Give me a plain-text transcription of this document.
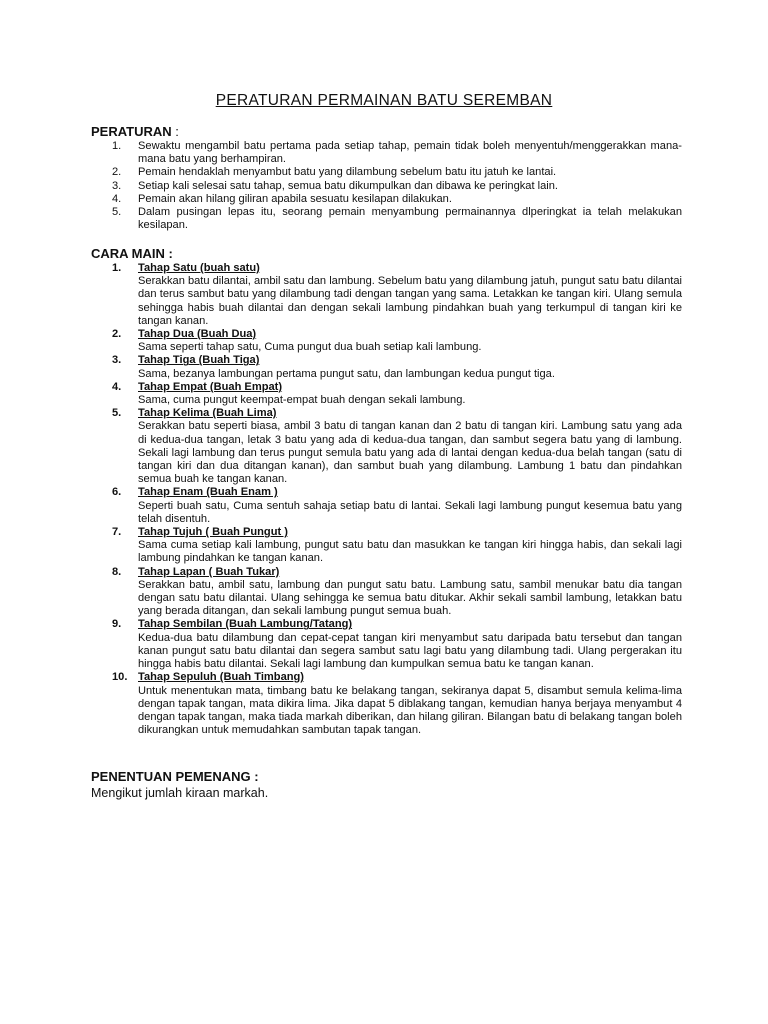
PERATURAN PERMAINAN BATU SEREMBAN
PERATURAN :
1.	Sewaktu mengambil batu pertama pada setiap tahap, pemain tidak boleh menyentuh/menggerakkan mana-mana batu yang berhampiran.
2.	Pemain hendaklah menyambut batu yang dilambung sebelum batu itu jatuh ke lantai.
3.	Setiap kali selesai satu tahap, semua batu dikumpulkan dan dibawa ke peringkat lain.
4.	Pemain akan hilang giliran apabila sesuatu kesilapan dilakukan.
5.	Dalam pusingan lepas itu, seorang pemain menyambung permainannya dlperingkat ia telah melakukan kesilapan.
CARA MAIN :
1.	Tahap Satu (buah satu)
Serakkan batu dilantai, ambil satu dan lambung. Sebelum batu yang dilambung jatuh, pungut satu batu dilantai dan terus sambut batu yang dilambung tadi dengan tangan yang sama. Letakkan ke tangan kiri. Ulang semula sehingga habis buah dilantai dan dengan sekali lambung pindahkan buah yang terkumpul di tangan kiri ke tangan kanan.
2.	Tahap Dua (Buah Dua)
Sama seperti tahap satu, Cuma pungut dua buah setiap kali lambung.
3.	Tahap Tiga (Buah Tiga)
Sama, bezanya lambungan pertama pungut satu, dan lambungan kedua pungut tiga.
4.	Tahap Empat (Buah Empat)
Sama, cuma pungut keempat-empat buah dengan sekali lambung.
5.	Tahap Kelima (Buah Lima)
Serakkan batu seperti biasa, ambil 3 batu di tangan kanan dan 2 batu di tangan kiri. Lambung satu yang ada di kedua-dua tangan, letak 3 batu yang ada di kedua-dua tangan, dan sambut segera batu yang di lambung. Sekali lagi lambung dan terus pungut semula batu yang ada di lantai dengan kedua-dua belah tangan (satu di tangan kiri dan dua ditangan kanan), dan sambut buah yang dilambung. Lambung 1 batu dan pindahkan semua buah ke tangan kanan.
6.	Tahap Enam (Buah Enam )
Seperti buah satu, Cuma sentuh sahaja setiap batu di lantai. Sekali lagi lambung pungut kesemua batu yang telah disentuh.
7.	Tahap Tujuh ( Buah Pungut )
Sama cuma setiap kali lambung, pungut satu batu dan masukkan ke tangan kiri hingga habis, dan sekali lagi lambung pindahkan ke tangan kanan.
8.	Tahap Lapan ( Buah Tukar)
Serakkan batu, ambil satu, lambung dan pungut satu batu. Lambung satu, sambil menukar batu dia tangan dengan satu batu dilantai. Ulang sehingga ke semua batu ditukar. Akhir sekali sambil lambung, letakkan batu yang berada ditangan, dan sekali lambung pungut semua buah.
9.	Tahap Sembilan (Buah Lambung/Tatang)
Kedua-dua batu dilambung dan cepat-cepat tangan kiri menyambut satu daripada batu tersebut dan tangan kanan pungut satu batu dilantai dan segera sambut satu lagi batu yang dilambung tadi. Ulang pergerakan itu hingga habis batu dilantai. Sekali lagi lambung dan kumpulkan semua batu ke tangan kanan.
10. Tahap Sepuluh (Buah Timbang)
Untuk menentukan mata, timbang batu ke belakang tangan, sekiranya dapat 5, disambut semula kelima-lima dengan tapak tangan, mata dikira lima. Jika dapat 5 diblakang tangan, kemudian hanya berjaya menyambut 4 dengan tapak tangan, maka tiada markah diberikan, dan hilang giliran. Bilangan batu di belakang tangan boleh dikurangkan untuk memudahkan sambutan tapak tangan.
PENENTUAN PEMENANG :
Mengikut jumlah kiraan markah.
